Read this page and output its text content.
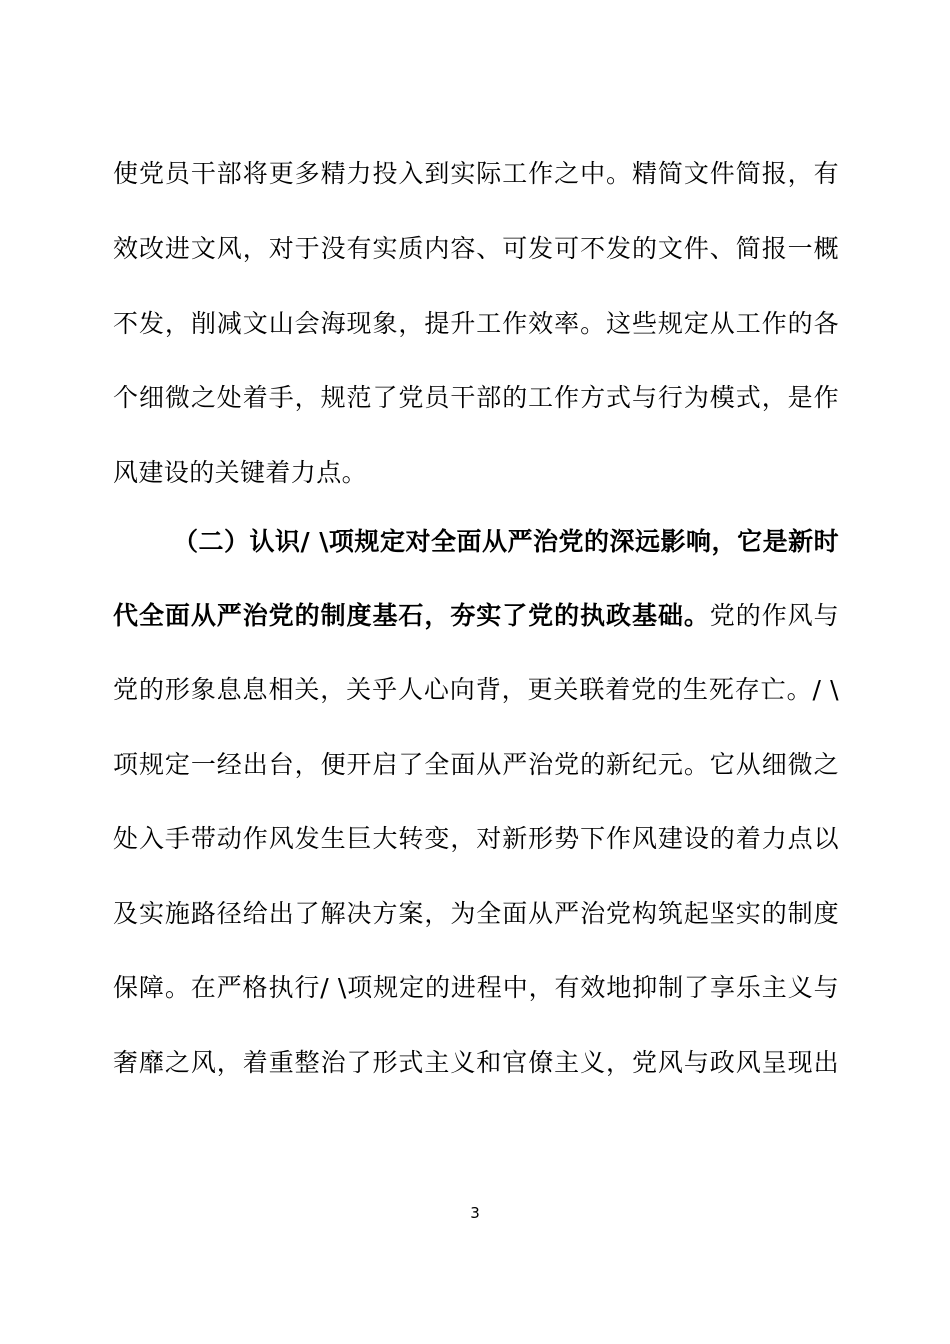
使党员干部将更多精力投入到实际工作之中。精简文件简报，有
效改进文风，对于没有实质内容、可发可不发的文件、简报一概
不发，削减文山会海现象，提升工作效率。这些规定从工作的各
个细微之处着手，规范了党员干部的工作方式与行为模式，是作
风建设的关键着力点。
（二）认识/ \项规定对全面从严治党的深远影响，它是新时
代全面从严治党的制度基石，夯实了党的执政基础。党的作风与
党的形象息息相关，关乎人心向背，更关联着党的生死存亡。/ \
项规定一经出台，便开启了全面从严治党的新纪元。它从细微之
处入手带动作风发生巨大转变，对新形势下作风建设的着力点以
及实施路径给出了解决方案，为全面从严治党构筑起坚实的制度
保障。在严格执行/ \项规定的进程中，有效地抑制了享乐主义与
奢靡之风，着重整治了形式主义和官僚主义，党风与政风呈现出
3
